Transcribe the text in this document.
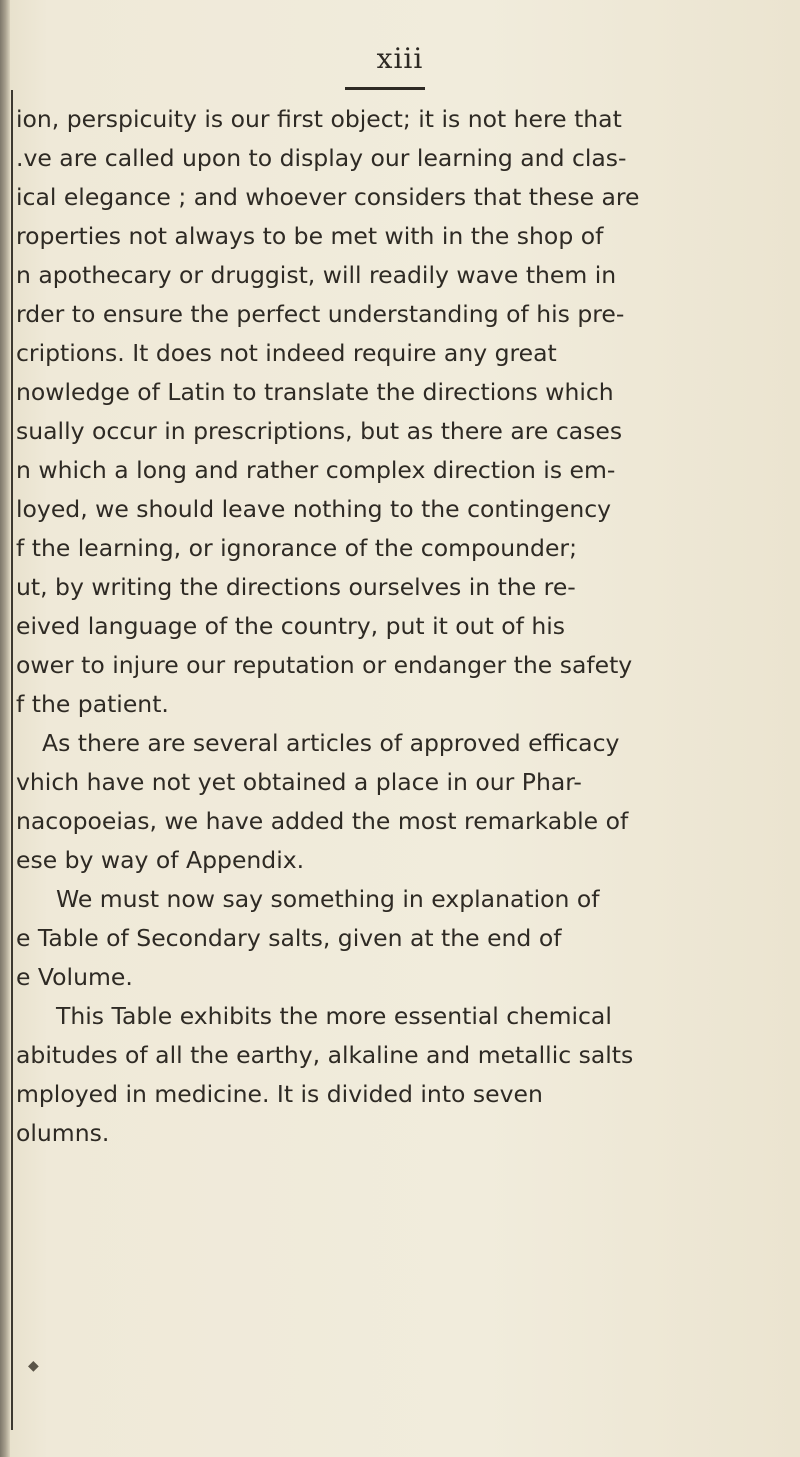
xiii
ion, perspicuity is our first object; it is not here that
.ve are called upon to display our learning and clas-
ical elegance ; and whoever considers that these are
roperties not always to be met with in the shop of
n apothecary or druggist, will readily wave them in
rder to ensure the perfect understanding of his pre-
criptions. It does not indeed require any great
nowledge of Latin to translate the directions which
sually occur in prescriptions, but as there are cases
n which a long and rather complex direction is em-
loyed, we should leave nothing to the contingency
f the learning, or ignorance of the compounder;
ut, by writing the directions ourselves in the re-
eived language of the country, put it out of his
ower to injure our reputation or endanger the safety
f the patient.
As there are several articles of approved efficacy
vhich have not yet obtained a place in our Phar-
nacopoeias, we have added the most remarkable of
ese by way of Appendix.
We must now say something in explanation of
e Table of Secondary salts, given at the end of
e Volume.
This Table exhibits the more essential chemical
abitudes of all the earthy, alkaline and metallic salts
mployed in medicine. It is divided into seven
olumns.
◆
